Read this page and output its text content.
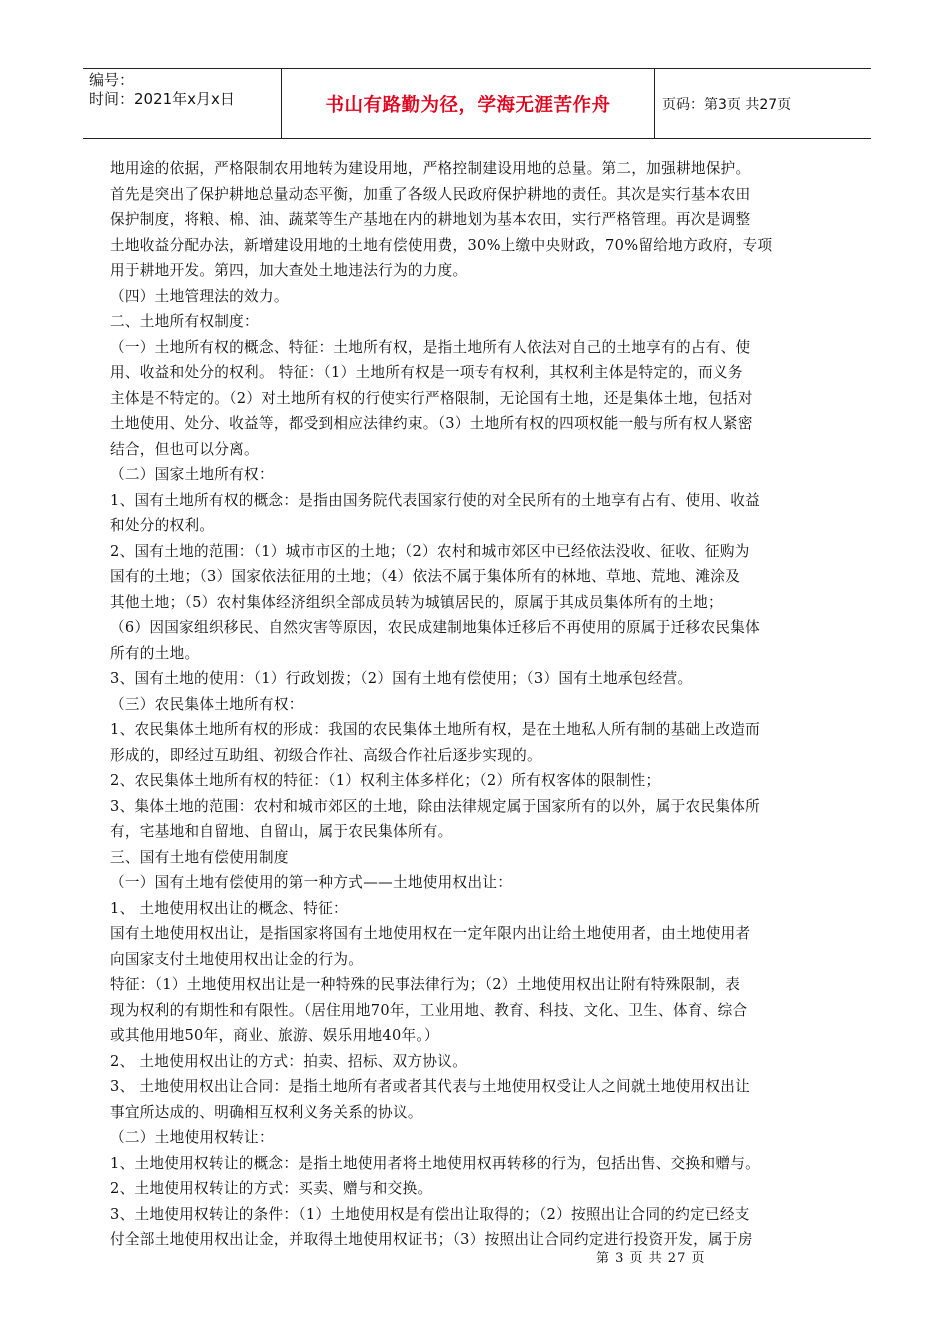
编号：
时间：2021年x月x日	书山有路勤为径，学海无涯苦作舟	页码：第3页 共27页
地用途的依据，严格限制农用地转为建设用地，严格控制建设用地的总量。第二，加强耕地保护。
首先是突出了保护耕地总量动态平衡，加重了各级人民政府保护耕地的责任。其次是实行基本农田
保护制度，将粮、棉、油、蔬菜等生产基地在内的耕地划为基本农田，实行严格管理。再次是调整
土地收益分配办法，新增建设用地的土地有偿使用费，30%上缴中央财政，70%留给地方政府，专项
用于耕地开发。第四，加大查处土地违法行为的力度。
（四）土地管理法的效力。
二、土地所有权制度：
（一）土地所有权的概念、特征：土地所有权，是指土地所有人依法对自己的土地享有的占有、使
用、收益和处分的权利。 特征：（1）土地所有权是一项专有权利，其权利主体是特定的，而义务
主体是不特定的。（2）对土地所有权的行使实行严格限制，无论国有土地，还是集体土地，包括对
土地使用、处分、收益等，都受到相应法律约束。（3）土地所有权的四项权能一般与所有权人紧密
结合，但也可以分离。
（二）国家土地所有权：
1、国有土地所有权的概念：是指由国务院代表国家行使的对全民所有的土地享有占有、使用、收益
和处分的权利。
2、国有土地的范围：（1）城市市区的土地；（2）农村和城市郊区中已经依法没收、征收、征购为
国有的土地；（3）国家依法征用的土地；（4）依法不属于集体所有的林地、草地、荒地、滩涂及
其他土地；（5）农村集体经济组织全部成员转为城镇居民的，原属于其成员集体所有的土地；
（6）因国家组织移民、自然灾害等原因，农民成建制地集体迁移后不再使用的原属于迁移农民集体
所有的土地。
3、国有土地的使用：（1）行政划拨；（2）国有土地有偿使用；（3）国有土地承包经营。
（三）农民集体土地所有权：
1、农民集体土地所有权的形成：我国的农民集体土地所有权，是在土地私人所有制的基础上改造而
形成的，即经过互助组、初级合作社、高级合作社后逐步实现的。
2、农民集体土地所有权的特征：（1）权利主体多样化；（2）所有权客体的限制性；
3、集体土地的范围：农村和城市郊区的土地，除由法律规定属于国家所有的以外，属于农民集体所
有，宅基地和自留地、自留山，属于农民集体所有。
三、国有土地有偿使用制度
（一）国有土地有偿使用的第一种方式——土地使用权出让：
1、 土地使用权出让的概念、特征：
国有土地使用权出让，是指国家将国有土地使用权在一定年限内出让给土地使用者，由土地使用者
向国家支付土地使用权出让金的行为。
特征：（1）土地使用权出让是一种特殊的民事法律行为；（2）土地使用权出让附有特殊限制，表
现为权利的有期性和有限性。（居住用地70年，工业用地、教育、科技、文化、卫生、体育、综合
或其他用地50年，商业、旅游、娱乐用地40年。）
2、 土地使用权出让的方式：拍卖、招标、双方协议。
3、 土地使用权出让合同：是指土地所有者或者其代表与土地使用权受让人之间就土地使用权出让
事宜所达成的、明确相互权利义务关系的协议。
（二）土地使用权转让：
1、土地使用权转让的概念：是指土地使用者将土地使用权再转移的行为，包括出售、交换和赠与。
2、土地使用权转让的方式：买卖、赠与和交换。
3、土地使用权转让的条件：（1）土地使用权是有偿出让取得的；（2）按照出让合同的约定已经支
付全部土地使用权出让金，并取得土地使用权证书；（3）按照出让合同约定进行投资开发，属于房
第 3 页 共 27 页
